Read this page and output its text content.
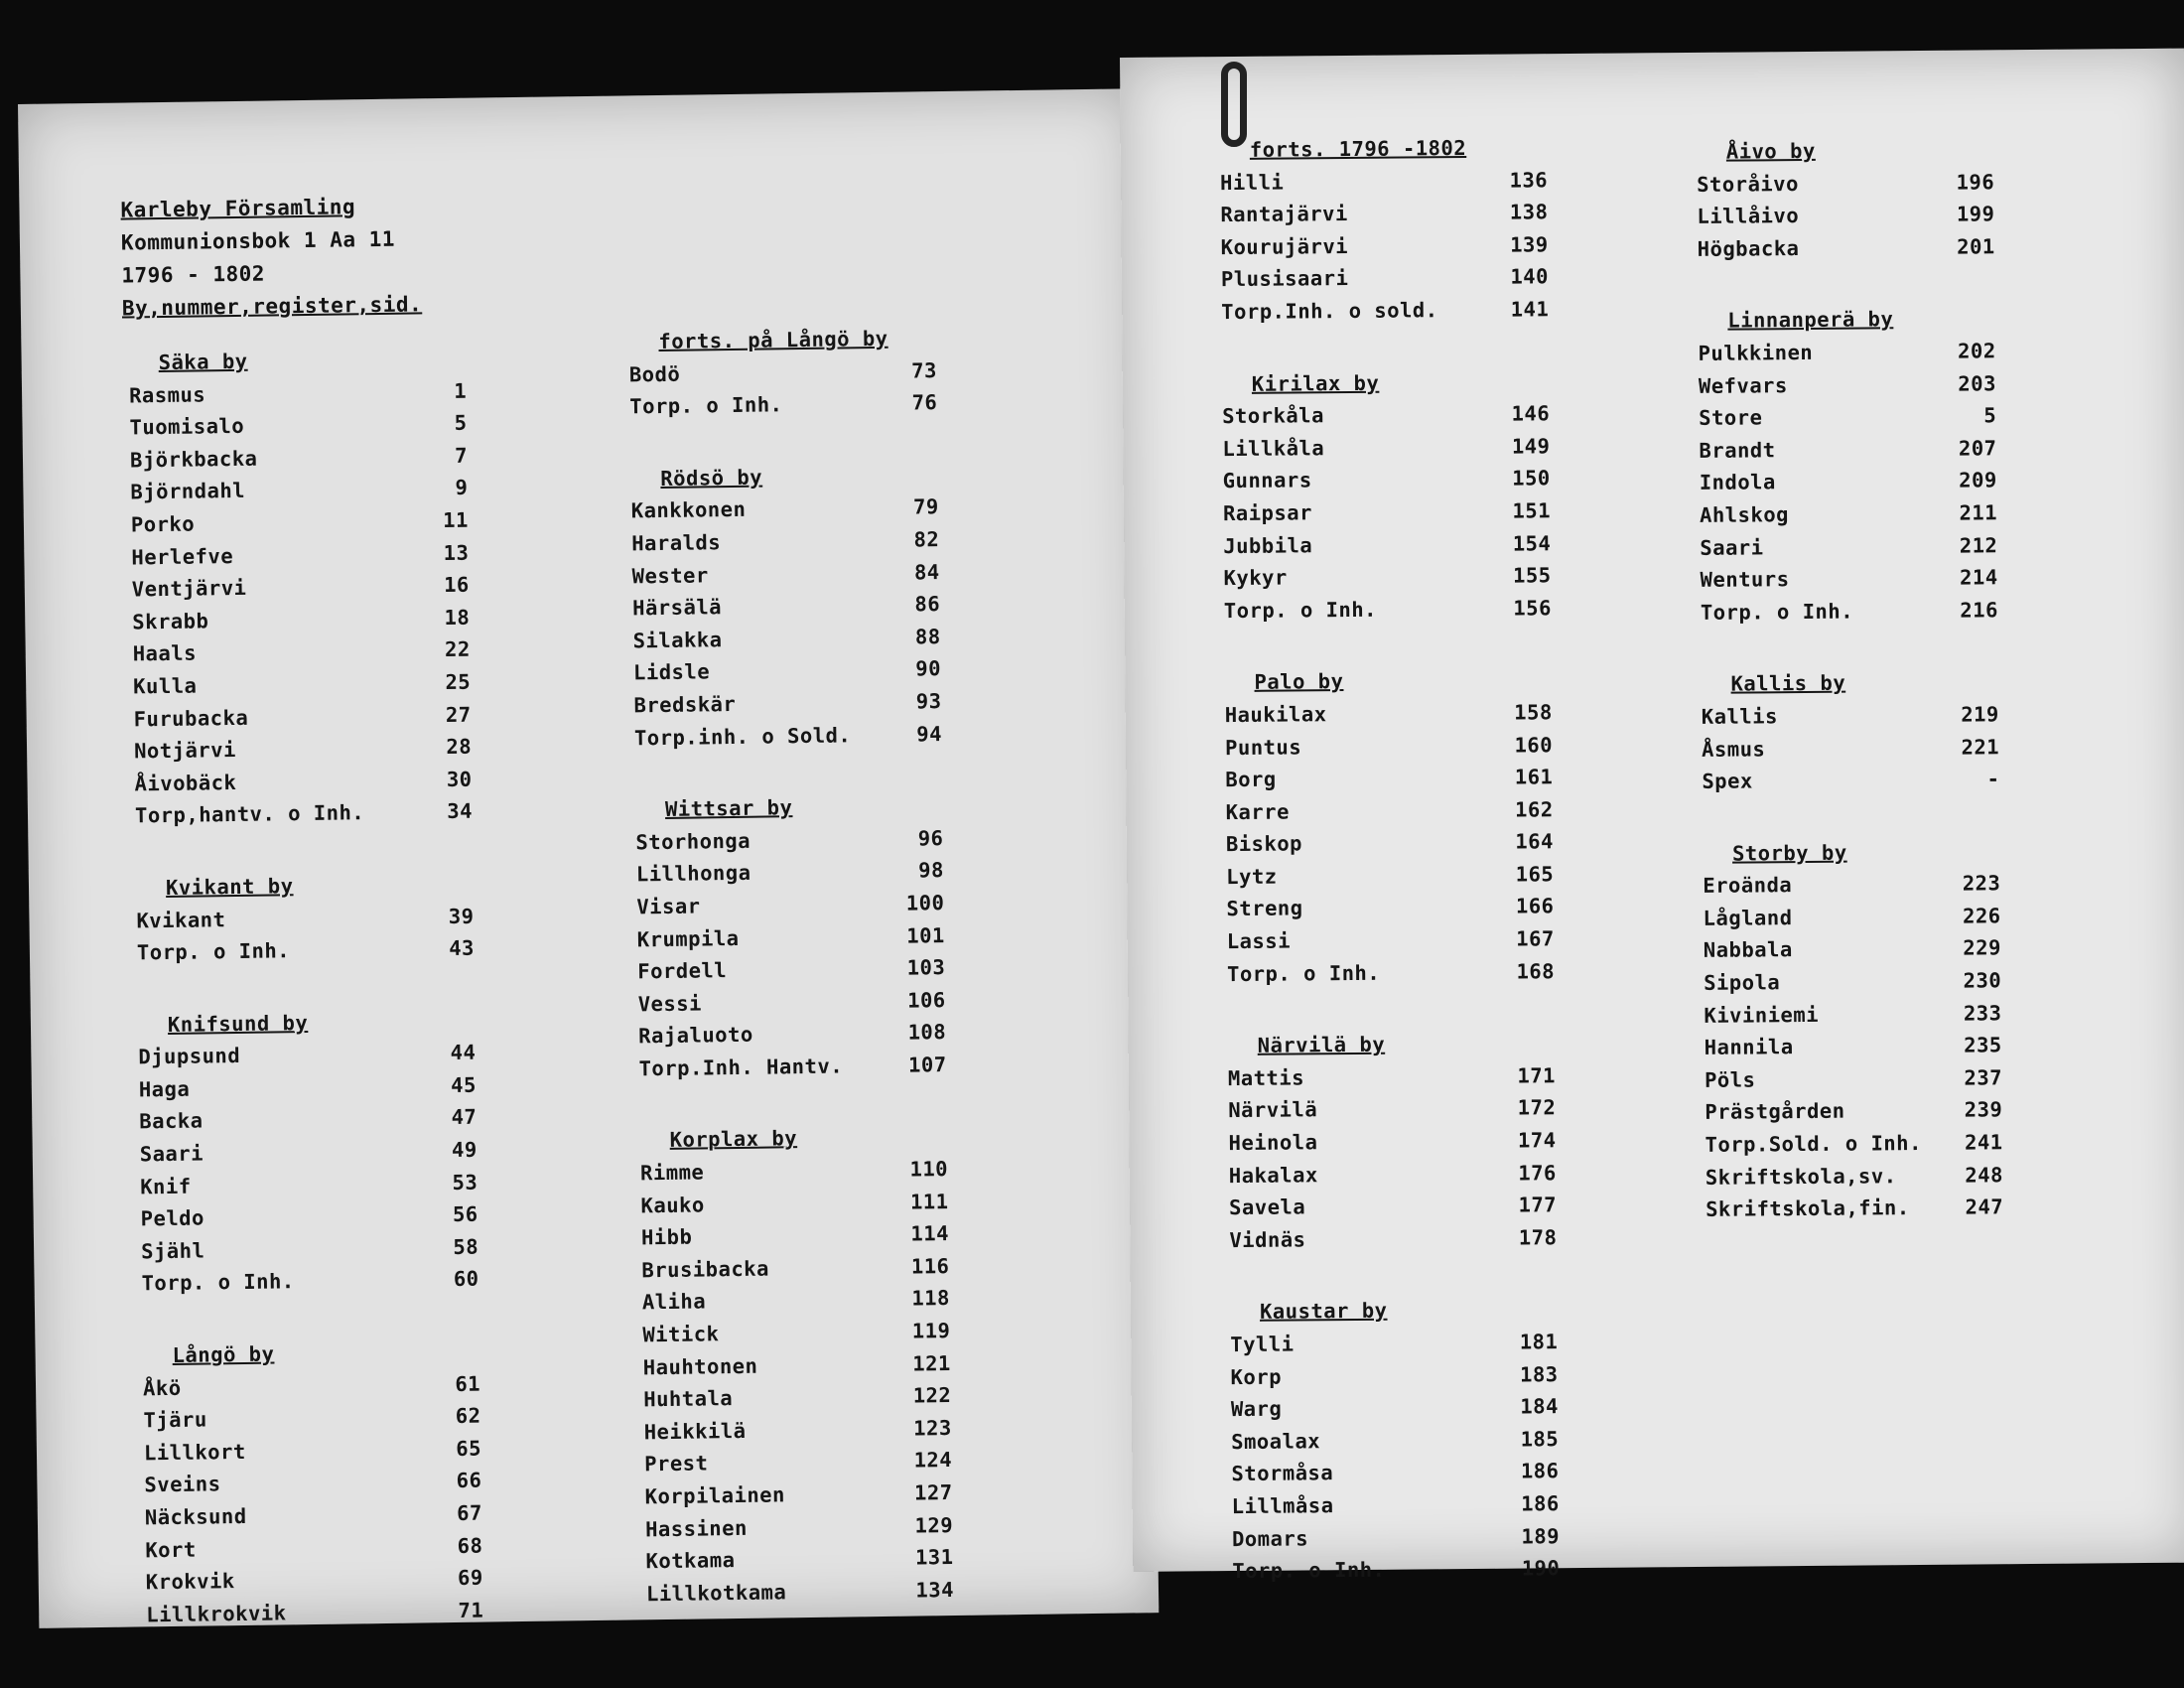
Karleby Församling
Kommunionsbok 1 Aa 11
1796 - 1802
By,nummer,register,sid.
Säka by
Rasmus	1
Tuomisalo	5
Björkbacka	7
Björndahl	9
Porko	11
Herlefve	13
Ventjärvi	16
Skrabb	18
Haals	22
Kulla	25
Furubacka	27
Notjärvi	28
Åivobäck	30
Torp,hantv. o Inh.	34
Kvikant by
Kvikant	39
Torp. o Inh.	43
Knifsund by
Djupsund	44
Haga	45
Backa	47
Saari	49
Knif	53
Peldo	56
Sjähl	58
Torp. o Inh.	60
Långö by
Åkö	61
Tjäru	62
Lillkort	65
Sveins	66
Näcksund	67
Kort	68
Krokvik	69
Lillkrokvik	71
forts. på Långö by
Bodö	73
Torp. o Inh.	76
Rödsö by
Kankkonen	79
Haralds	82
Wester	84
Härsälä	86
Silakka	88
Lidsle	90
Bredskär	93
Torp.inh. o Sold.	94
Wittsar by
Storhonga	96
Lillhonga	98
Visar	100
Krumpila	101
Fordell	103
Vessi	106
Rajaluoto	108
Torp.Inh. Hantv.	107
Korplax by
Rimme	110
Kauko	111
Hibb	114
Brusibacka	116
Aliha	118
Witick	119
Hauhtonen	121
Huhtala	122
Heikkilä	123
Prest	124
Korpilainen	127
Hassinen	129
Kotkama	131
Lillkotkama	134
forts. 1796 -1802
Hilli	136
Rantajärvi	138
Kourujärvi	139
Plusisaari	140
Torp.Inh. o sold.	141
Kirilax by
Storkåla	146
Lillkåla	149
Gunnars	150
Raipsar	151
Jubbila	154
Kykyr	155
Torp. o Inh.	156
Palo by
Haukilax	158
Puntus	160
Borg	161
Karre	162
Biskop	164
Lytz	165
Streng	166
Lassi	167
Torp. o Inh.	168
Närvilä by
Mattis	171
Närvilä	172
Heinola	174
Hakalax	176
Savela	177
Vidnäs	178
Kaustar by
Tylli	181
Korp	183
Warg	184
Smoalax	185
Stormåsa	186
Lillmåsa	186
Domars	189
Torp. o Inh.	190
Åivo by
Storåivo	196
Lillåivo	199
Högbacka	201
Linnanperä by
Pulkkinen	202
Wefvars	203
Store	5
Brandt	207
Indola	209
Ahlskog	211
Saari	212
Wenturs	214
Torp. o Inh.	216
Kallis by
Kallis	219
Åsmus	221
Spex	-
Storby by
Eroända	223
Lågland	226
Nabbala	229
Sipola	230
Kiviniemi	233
Hannila	235
Pöls	237
Prästgården	239
Torp.Sold. o Inh.	241
Skriftskola,sv.	248
Skriftskola,fin.	247
